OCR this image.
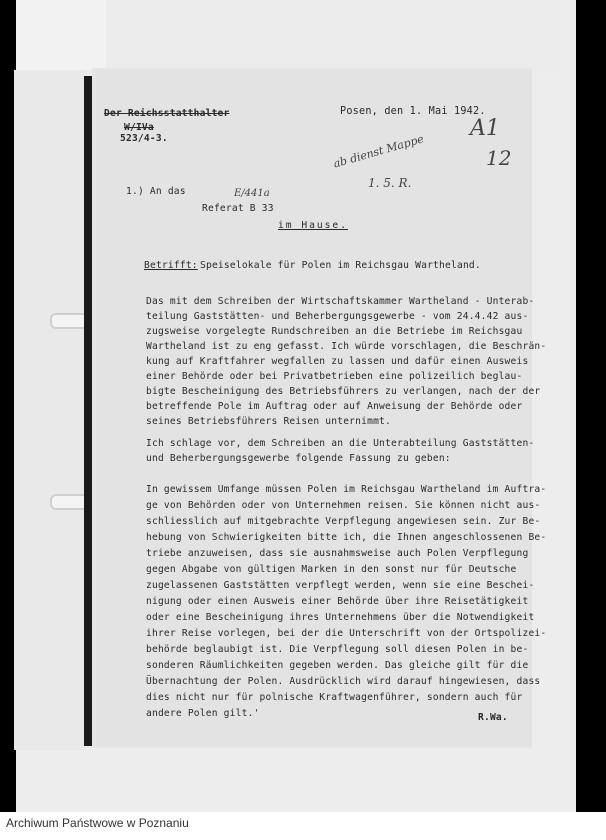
Der Reichsstatthalter
W/IVa
523/4-3.
Posen, den 1. Mai 1942.
A1
12
ab dienst Mappe
1. 5. R.
E/441a
1.) An das
Referat B 33
im Hause.
Betrifft: Speiselokale für Polen im Reichsgau Wartheland.
Das mit dem Schreiben der Wirtschaftskammer Wartheland - Unterab-
teilung Gaststätten- und Beherbergungsgewerbe - vom 24.4.42 aus-
zugsweise vorgelegte Rundschreiben an die Betriebe im Reichsgau
Wartheland ist zu eng gefasst. Ich würde vorschlagen, die Beschrän-
kung auf Kraftfahrer wegfallen zu lassen und dafür einen Ausweis
einer Behörde oder bei Privatbetrieben eine polizeilich beglau-
bigte Bescheinigung des Betriebsführers zu verlangen, nach der der
betreffende Pole im Auftrag oder auf Anweisung der Behörde oder
seines Betriebsführers Reisen unternimmt.
Ich schlage vor, dem Schreiben an die Unterabteilung Gaststätten-
und Beherbergungsgewerbe folgende Fassung zu geben:
In gewissem Umfange müssen Polen im Reichsgau Wartheland im Auftra-
ge von Behörden oder von Unternehmen reisen. Sie können nicht aus-
schliesslich auf mitgebrachte Verpflegung angewiesen sein. Zur Be-
hebung von Schwierigkeiten bitte ich, die Ihnen angeschlossenen Be-
triebe anzuweisen, dass sie ausnahmsweise auch Polen Verpflegung
gegen Abgabe von gültigen Marken in den sonst nur für Deutsche
zugelassenen Gaststätten verpflegt werden, wenn sie eine Beschei-
nigung oder einen Ausweis einer Behörde über ihre Reisetätigkeit
oder eine Bescheinigung ihres Unternehmens über die Notwendigkeit
ihrer Reise vorlegen, bei der die Unterschrift von der Ortspolizei-
behörde beglaubigt ist. Die Verpflegung soll diesen Polen in be-
sonderen Räumlichkeiten gegeben werden. Das gleiche gilt für die
Übernachtung der Polen. Ausdrücklich wird darauf hingewiesen, dass
dies nicht nur für polnische Kraftwagenführer, sondern auch für
andere Polen gilt.'	R.Wa.
Archiwum Państwowe w Poznaniu
